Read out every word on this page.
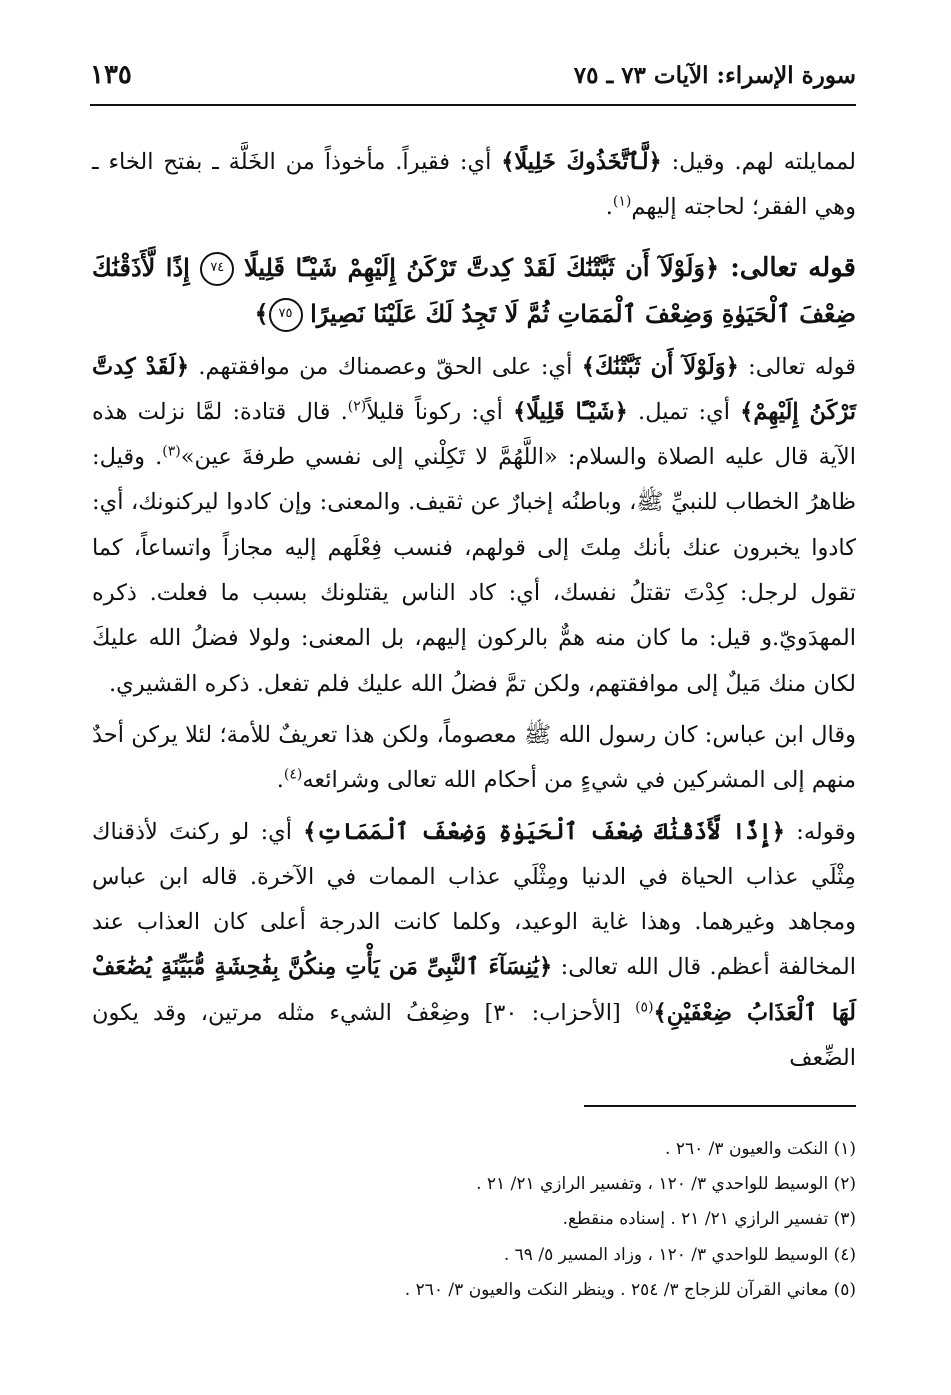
سورة الإسراء: الآيات ٧٣ ـ ٧٥
١٣٥

لممايلته لهم. وقيل: ﴿لَّٱتَّخَذُوكَ خَلِيلًا﴾ أي: فقيراً. مأخوذاً من الخَلَّة ـ بفتح الخاء ـ وهي الفقر؛ لحاجته إليهم$^{(١)}$.

قوله تعالى: ﴿وَلَوْلَآ أَن ثَبَّتْنَٰكَ لَقَدْ كِدتَّ تَرْكَنُ إِلَيْهِمْ شَيْـًٔا قَلِيلًا ٧٤ إِذًا لَّأَذَقْنَٰكَ ضِعْفَ ٱلْحَيَوٰةِ وَضِعْفَ ٱلْمَمَاتِ ثُمَّ لَا تَجِدُ لَكَ عَلَيْنَا نَصِيرًا ٧٥﴾

قوله تعالى: ﴿وَلَوْلَآ أَن ثَبَّتْنَٰكَ﴾ أي: على الحقّ وعصمناك من موافقتهم. ﴿لَقَدْ كِدتَّ تَرْكَنُ إِلَيْهِمْ﴾ أي: تميل. ﴿شَيْـًٔا قَلِيلًا﴾ أي: ركوناً قليلاً$^{(٢)}$. قال قتادة: لمَّا نزلت هذه الآية قال عليه الصلاة والسلام: «اللَّهُمَّ لا تَكِلْني إلى نفسي طرفةَ عين»$^{(٣)}$. وقيل: ظاهرُ الخطاب للنبيِّ ﷺ، وباطنُه إخبارٌ عن ثقيف. والمعنى: وإن كادوا ليركنونك، أي: كادوا يخبرون عنك بأنك مِلتَ إلى قولهم، فنسب فِعْلَهم إليه مجازاً واتساعاً، كما تقول لرجل: كِدْتَ تقتلُ نفسك، أي: كاد الناس يقتلونك بسبب ما فعلت. ذكره المهدَويّ.و قيل: ما كان منه همٌّ بالركون إليهم، بل المعنى: ولولا فضلُ الله عليكَ لكان منك مَيلٌ إلى موافقتهم، ولكن تمَّ فضلُ الله عليك فلم تفعل. ذكره القشيري.

وقال ابن عباس: كان رسول الله ﷺ معصوماً، ولكن هذا تعريفٌ للأمة؛ لئلا يركن أحدٌ منهم إلى المشركين في شيءٍ من أحكام الله تعالى وشرائعه$^{(٤)}$.

وقوله: ﴿إِذًا لَّأَذَقْنَٰكَ ضِعْفَ ٱلْحَيَوٰةِ وَضِعْفَ ٱلْمَمَاتِ﴾ أي: لو ركنتَ لأذقناك مِثْلَي عذاب الحياة في الدنيا ومِثْلَي عذاب الممات في الآخرة. قاله ابن عباس ومجاهد وغيرهما. وهذا غاية الوعيد، وكلما كانت الدرجة أعلى كان العذاب عند المخالفة أعظم. قال الله تعالى: ﴿يَٰنِسَآءَ ٱلنَّبِىِّ مَن يَأْتِ مِنكُنَّ بِفَٰحِشَةٍ مُّبَيِّنَةٍ يُضَٰعَفْ لَهَا ٱلْعَذَابُ ضِعْفَيْنِ﴾$^{(٥)}$ [الأحزاب: ٣٠] وضِعْفُ الشيء مثله مرتين، وقد يكون الضِّعف

(١) النكت والعيون ٣/ ٢٦٠ .

(٢) الوسيط للواحدي ٣/ ١٢٠ ، وتفسير الرازي ٢١/ ٢١ .

(٣) تفسير الرازي ٢١/ ٢١ . إسناده منقطع.

(٤) الوسيط للواحدي ٣/ ١٢٠ ، وزاد المسير ٥/ ٦٩ .

(٥) معاني القرآن للزجاج ٣/ ٢٥٤ . وينظر النكت والعيون ٣/ ٢٦٠ .
